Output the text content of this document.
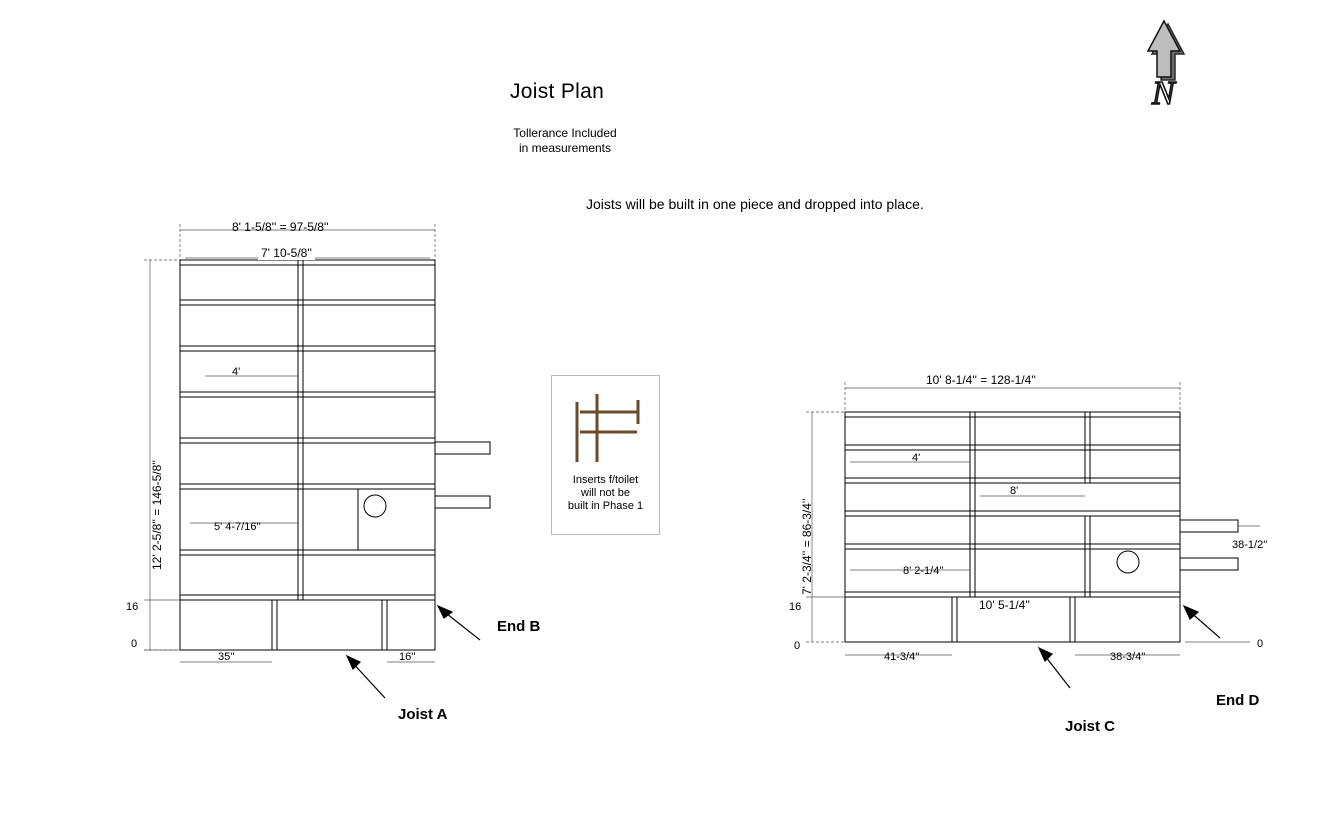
Joist Plan
Tollerance Included
in measurements
Joists will be built in one piece and dropped into place.
N
8' 1-5/8'' = 97-5/8''
7' 10-5/8''
12' 2-5/8'' = 146-5/8''
4'
5' 4-7/16''
16
0
35''	16''
End B
Joist A
Inserts f/toilet
will not be
built in Phase 1
10' 8-1/4'' = 128-1/4''
7' 2-3/4'' = 86-3/4''
4'
8'
8' 2-1/4''
10' 5-1/4''
38-1/2''
16
0	0
41-3/4''	38-3/4''
End D
Joist C
